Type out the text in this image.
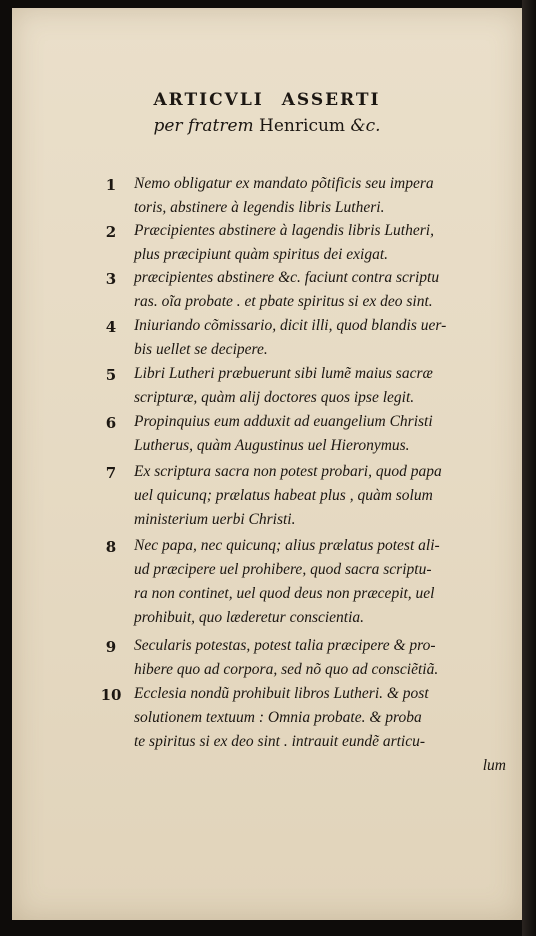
ARTICVLI ASSERTI
per fratrem Henricum &c.
1	Nemo obligatur ex mandato põtificis seu impera
toris, abstinere à legendis libris Lutheri.
2	Præcipientes abstinere à lagendis libris Lutheri,
plus præcipiunt quàm spiritus dei exigat.
3	præcipientes abstinere &c. faciunt contra scriptu
ras. oĩa probate . et pbate spiritus si ex deo sint.
4	Iniuriando cõmissario, dicit illi, quod blandis uer-
bis uellet se decipere.
5	Libri Lutheri præbuerunt sibi lumẽ maius sacræ
scripturæ, quàm alij doctores quos ipse legit.
6	Propinquius eum adduxit ad euangelium Christi
Lutherus, quàm Augustinus uel Hieronymus.
7	Ex scriptura sacra non potest probari, quod papa
uel quicunq; prælatus habeat plus , quàm solum
ministerium uerbi Christi.
8	Nec papa, nec quicunq; alius prælatus potest ali-
ud præcipere uel prohibere, quod sacra scriptu-
ra non continet, uel quod deus non præcepit, uel
prohibuit, quo læderetur conscientia.
9	Secularis potestas, potest talia præcipere & pro-
hibere quo ad corpora, sed nõ quo ad consciẽtiã.
10 Ecclesia nondũ prohibuit libros Lutheri. & post
solutionem textuum : Omnia probate. & proba
te spiritus si ex deo sint . intrauit eundẽ articu-
lum
